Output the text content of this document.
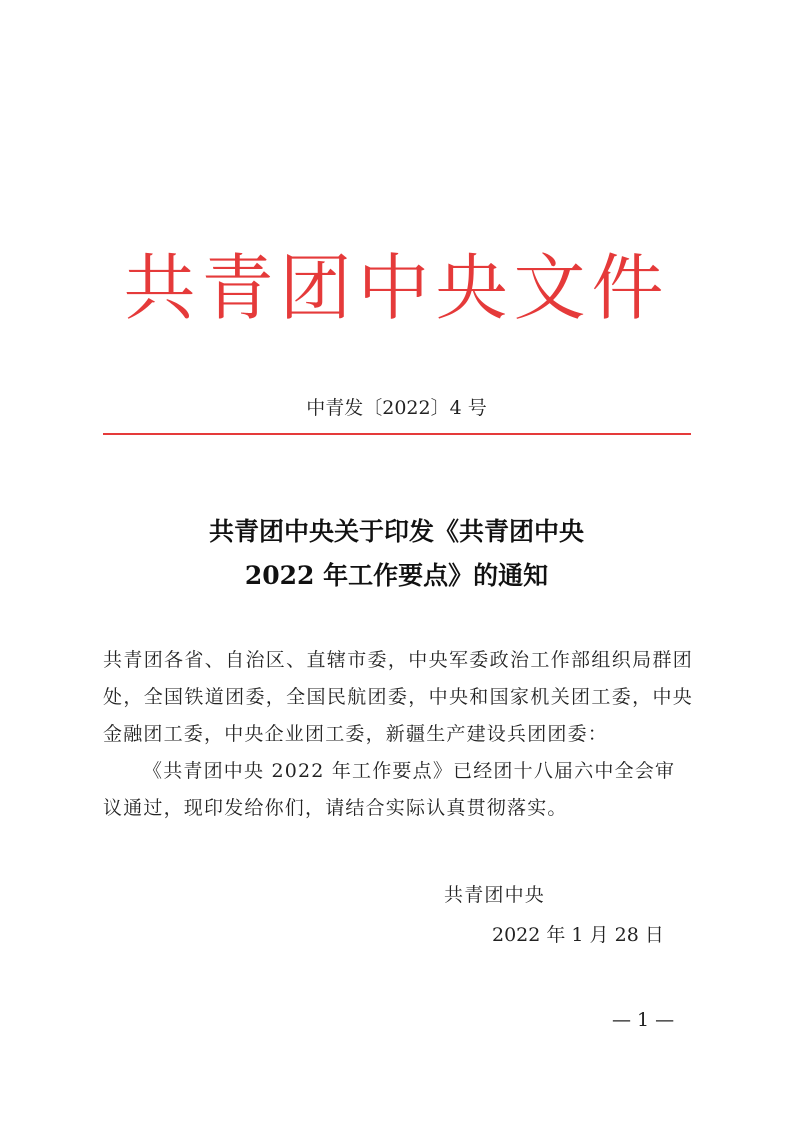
共青团中央文件
中青发〔2022〕4 号
共青团中央关于印发《共青团中央
2022 年工作要点》的通知
共青团各省、自治区、直辖市委，中央军委政治工作部组织局群团处，全国铁道团委，全国民航团委，中央和国家机关团工委，中央金融团工委，中央企业团工委，新疆生产建设兵团团委：
《共青团中央 2022 年工作要点》已经团十八届六中全会审议通过，现印发给你们，请结合实际认真贯彻落实。
共青团中央
2022 年 1 月 28 日
— 1 —
